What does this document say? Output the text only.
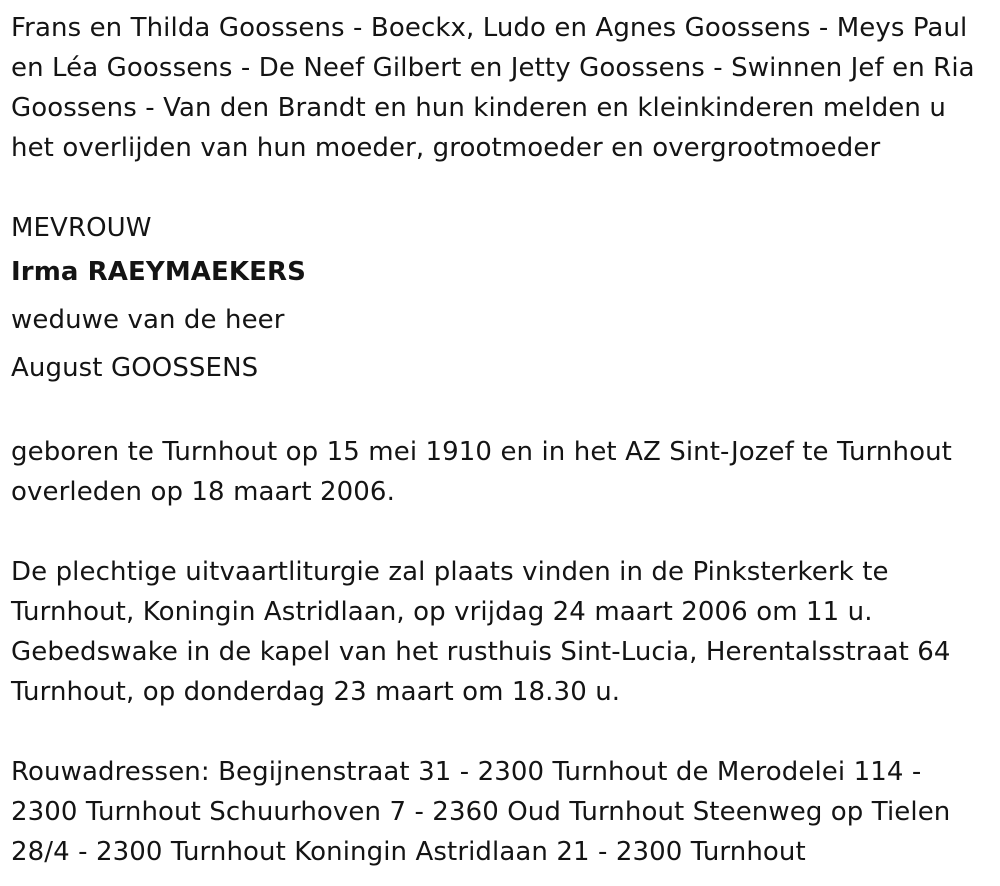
Frans en Thilda Goossens - Boeckx, Ludo en Agnes Goossens - Meys Paul
en Léa Goossens - De Neef Gilbert en Jetty Goossens - Swinnen Jef en Ria
Goossens - Van den Brandt en hun kinderen en kleinkinderen melden u
het overlijden van hun moeder, grootmoeder en overgrootmoeder

MEVROUW

Irma RAEYMAEKERS

weduwe van de heer

August GOOSSENS

geboren te Turnhout op 15 mei 1910 en in het AZ Sint-Jozef te Turnhout
overleden op 18 maart 2006.

De plechtige uitvaartliturgie zal plaats vinden in de Pinksterkerk te
Turnhout, Koningin Astridlaan, op vrijdag 24 maart 2006 om 11 u.
Gebedswake in de kapel van het rusthuis Sint-Lucia, Herentalsstraat 64
Turnhout, op donderdag 23 maart om 18.30 u.

Rouwadressen: Begijnenstraat 31 - 2300 Turnhout de Merodelei 114 -
2300 Turnhout Schuurhoven 7 - 2360 Oud Turnhout Steenweg op Tielen
28/4 - 2300 Turnhout Koningin Astridlaan 21 - 2300 Turnhout
